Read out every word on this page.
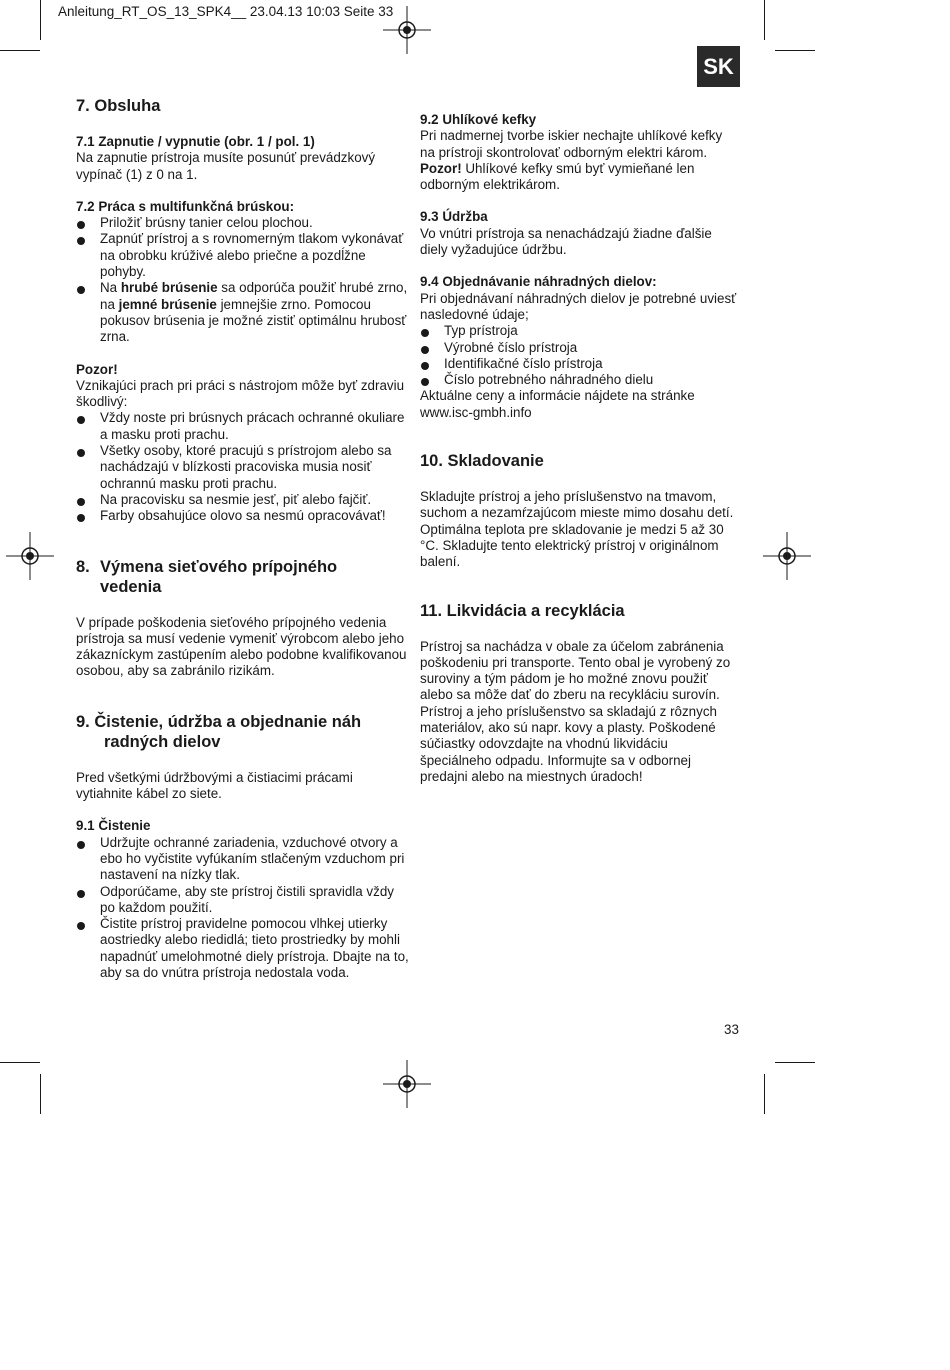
Anleitung_RT_OS_13_SPK4__ 23.04.13 10:03 Seite 33
SK

7. Obsluha

7.1 Zapnutie / vypnutie (obr. 1 / pol. 1)

Na zapnutie prístroja musíte posunúť prevádzkový vypínač (1) z 0 na 1.

7.2 Práca s multifunkčná brúskou:

Priložiť brúsny tanier celou plochou.
Zapnúť prístroj a s rovnomerným tlakom vykonávať na obrobku krúživé alebo priečne a pozdĺžne pohyby.
Na hrubé brúsenie sa odporúča použiť hrubé zrno, na jemné brúsenie jemnejšie zrno. Pomocou pokusov brúsenia je možné zistiť optimálnu hrubosť zrna.

Pozor!

Vznikajúci prach pri práci s nástrojom môže byť zdraviu škodlivý:

Vždy noste pri brúsnych prácach ochranné okuliare a masku proti prachu.
Všetky osoby, ktoré pracujú s prístrojom alebo sa nachádzajú v blízkosti pracoviska musia nosiť ochrannú masku proti prachu.
Na pracovisku sa nesmie jesť, piť alebo fajčiť.
Farby obsahujúce olovo sa nesmú opracovávať!

8. Výmena sieťového prípojného
vedenia

V prípade poškodenia sieťového prípojného vedenia prístroja sa musí vedenie vymeniť výrobcom alebo jeho zákazníckym zastúpením alebo podobne kvalifikovanou osobou, aby sa zabránilo rizikám.

9. Čistenie, údržba a objednanie náh
radných dielov

Pred všetkými údržbovými a čistiacimi prácami vytiahnite kábel zo siete.

9.1 Čistenie

Udržujte ochranné zariadenia, vzduchové otvory a ebo ho vyčistite vyfúkaním stlačeným vzduchom pri nastavení na nízky tlak.
Odporúčame, aby ste prístroj čistili spravidla vždy po každom použití.
Čistite prístroj pravidelne pomocou vlhkej utierky aostriedky alebo riedidlá; tieto prostriedky by mohli napadnúť umelohmotné diely prístroja. Dbajte na to, aby sa do vnútra prístroja nedostala voda.

9.2 Uhlíkové kefky

Pri nadmernej tvorbe iskier nechajte uhlíkové kefky na prístroji skontrolovať odborným elektri károm.

Pozor! Uhlíkové kefky smú byť vymieňané len odborným elektrikárom.

9.3 Údržba

Vo vnútri prístroja sa nenachádzajú žiadne ďalšie diely vyžadujúce údržbu.

9.4 Objednávanie náhradných dielov:

Pri objednávaní náhradných dielov je potrebné uviesť nasledovné údaje;

Typ prístroja
Výrobné číslo prístroja
Identifikačné číslo prístroja
Číslo potrebného náhradného dielu

Aktuálne ceny a informácie nájdete na stránke www.isc-gmbh.info

10. Skladovanie

Skladujte prístroj a jeho príslušenstvo na tmavom, suchom a nezamŕzajúcom mieste mimo dosahu detí. Optimálna teplota pre skladovanie je medzi 5 až 30 °C. Skladujte tento elektrický prístroj v originálnom balení.

11. Likvidácia a recyklácia

Prístroj sa nachádza v obale za účelom zabránenia poškodeniu pri transporte. Tento obal je vyrobený zo suroviny a tým pádom je ho možné znovu použiť alebo sa môže dať do zberu na recykláciu surovín. Prístroj a jeho príslušenstvo sa skladajú z rôznych materiálov, ako sú napr. kovy a plasty. Poškodené súčiastky odovzdajte na vhodnú likvidáciu špeciálneho odpadu. Informujte sa v odbornej predajni alebo na miestnych úradoch!

33
